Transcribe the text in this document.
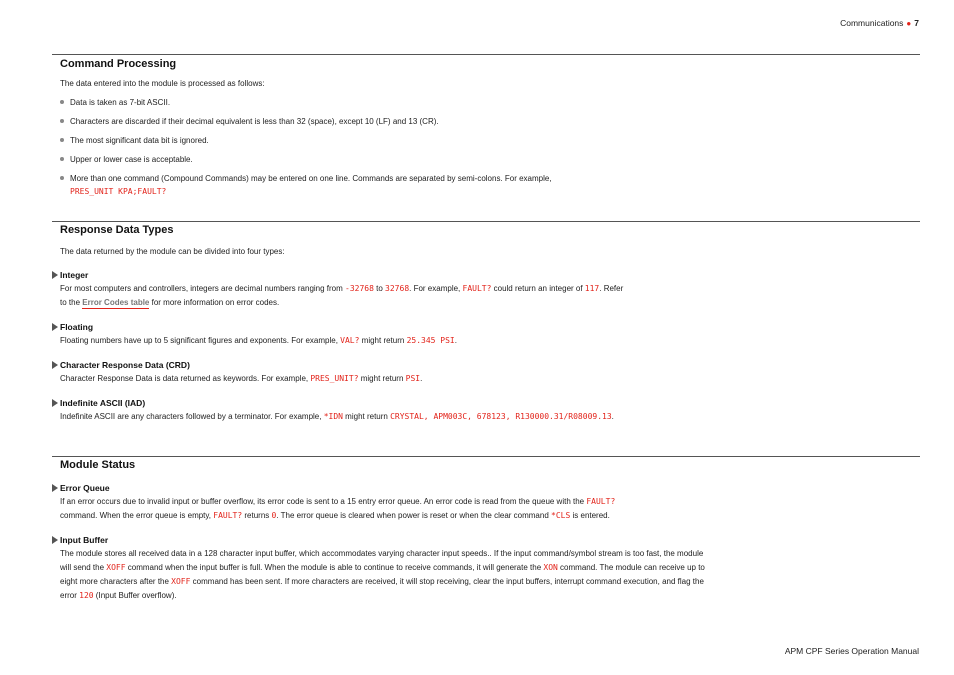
Communications ● 7
Command Processing

The data entered into the module is processed as follows:

Data is taken as 7-bit ASCII.
Characters are discarded if their decimal equivalent is less than 32 (space), except 10 (LF) and 13 (CR).
The most significant data bit is ignored.
Upper or lower case is acceptable.
More than one command (Compound Commands) may be entered on one line. Commands are separated by semi-colons. For example,
PRES_UNIT KPA;FAULT?
Response Data Types

The data returned by the module can be divided into four types:

Integer

For most computers and controllers, integers are decimal numbers ranging from -32768 to 32768. For example, FAULT? could return an integer of 117. Refer
to the Error Codes table for more information on error codes.

Floating

Floating numbers have up to 5 significant figures and exponents. For example, VAL? might return 25.345 PSI.

Character Response Data (CRD)

Character Response Data is data returned as keywords. For example, PRES_UNIT? might return PSI.

Indefinite ASCII (IAD)

Indefinite ASCII are any characters followed by a terminator. For example, *IDN might return CRYSTAL, APM003C, 678123, R130000.31/R08009.13.

Module Status
Error Queue

If an error occurs due to invalid input or buffer overflow, its error code is sent to a 15 entry error queue. An error code is read from the queue with the FAULT?
command. When the error queue is empty, FAULT? returns 0. The error queue is cleared when power is reset or when the clear command *CLS is entered.

Input Buffer

The module stores all received data in a 128 character input buffer, which accommodates varying character input speeds.. If the input command/symbol stream is too fast, the module will send the XOFF command when the input buffer is full. When the module is able to continue to receive commands, it will generate the XON command. The module can receive up to eight more characters after the XOFF command has been sent. If more characters are received, it will stop receiving, clear the input buffers, interrupt command execution, and flag the error 120 (Input Buffer overflow).

APM CPF Series Operation Manual
